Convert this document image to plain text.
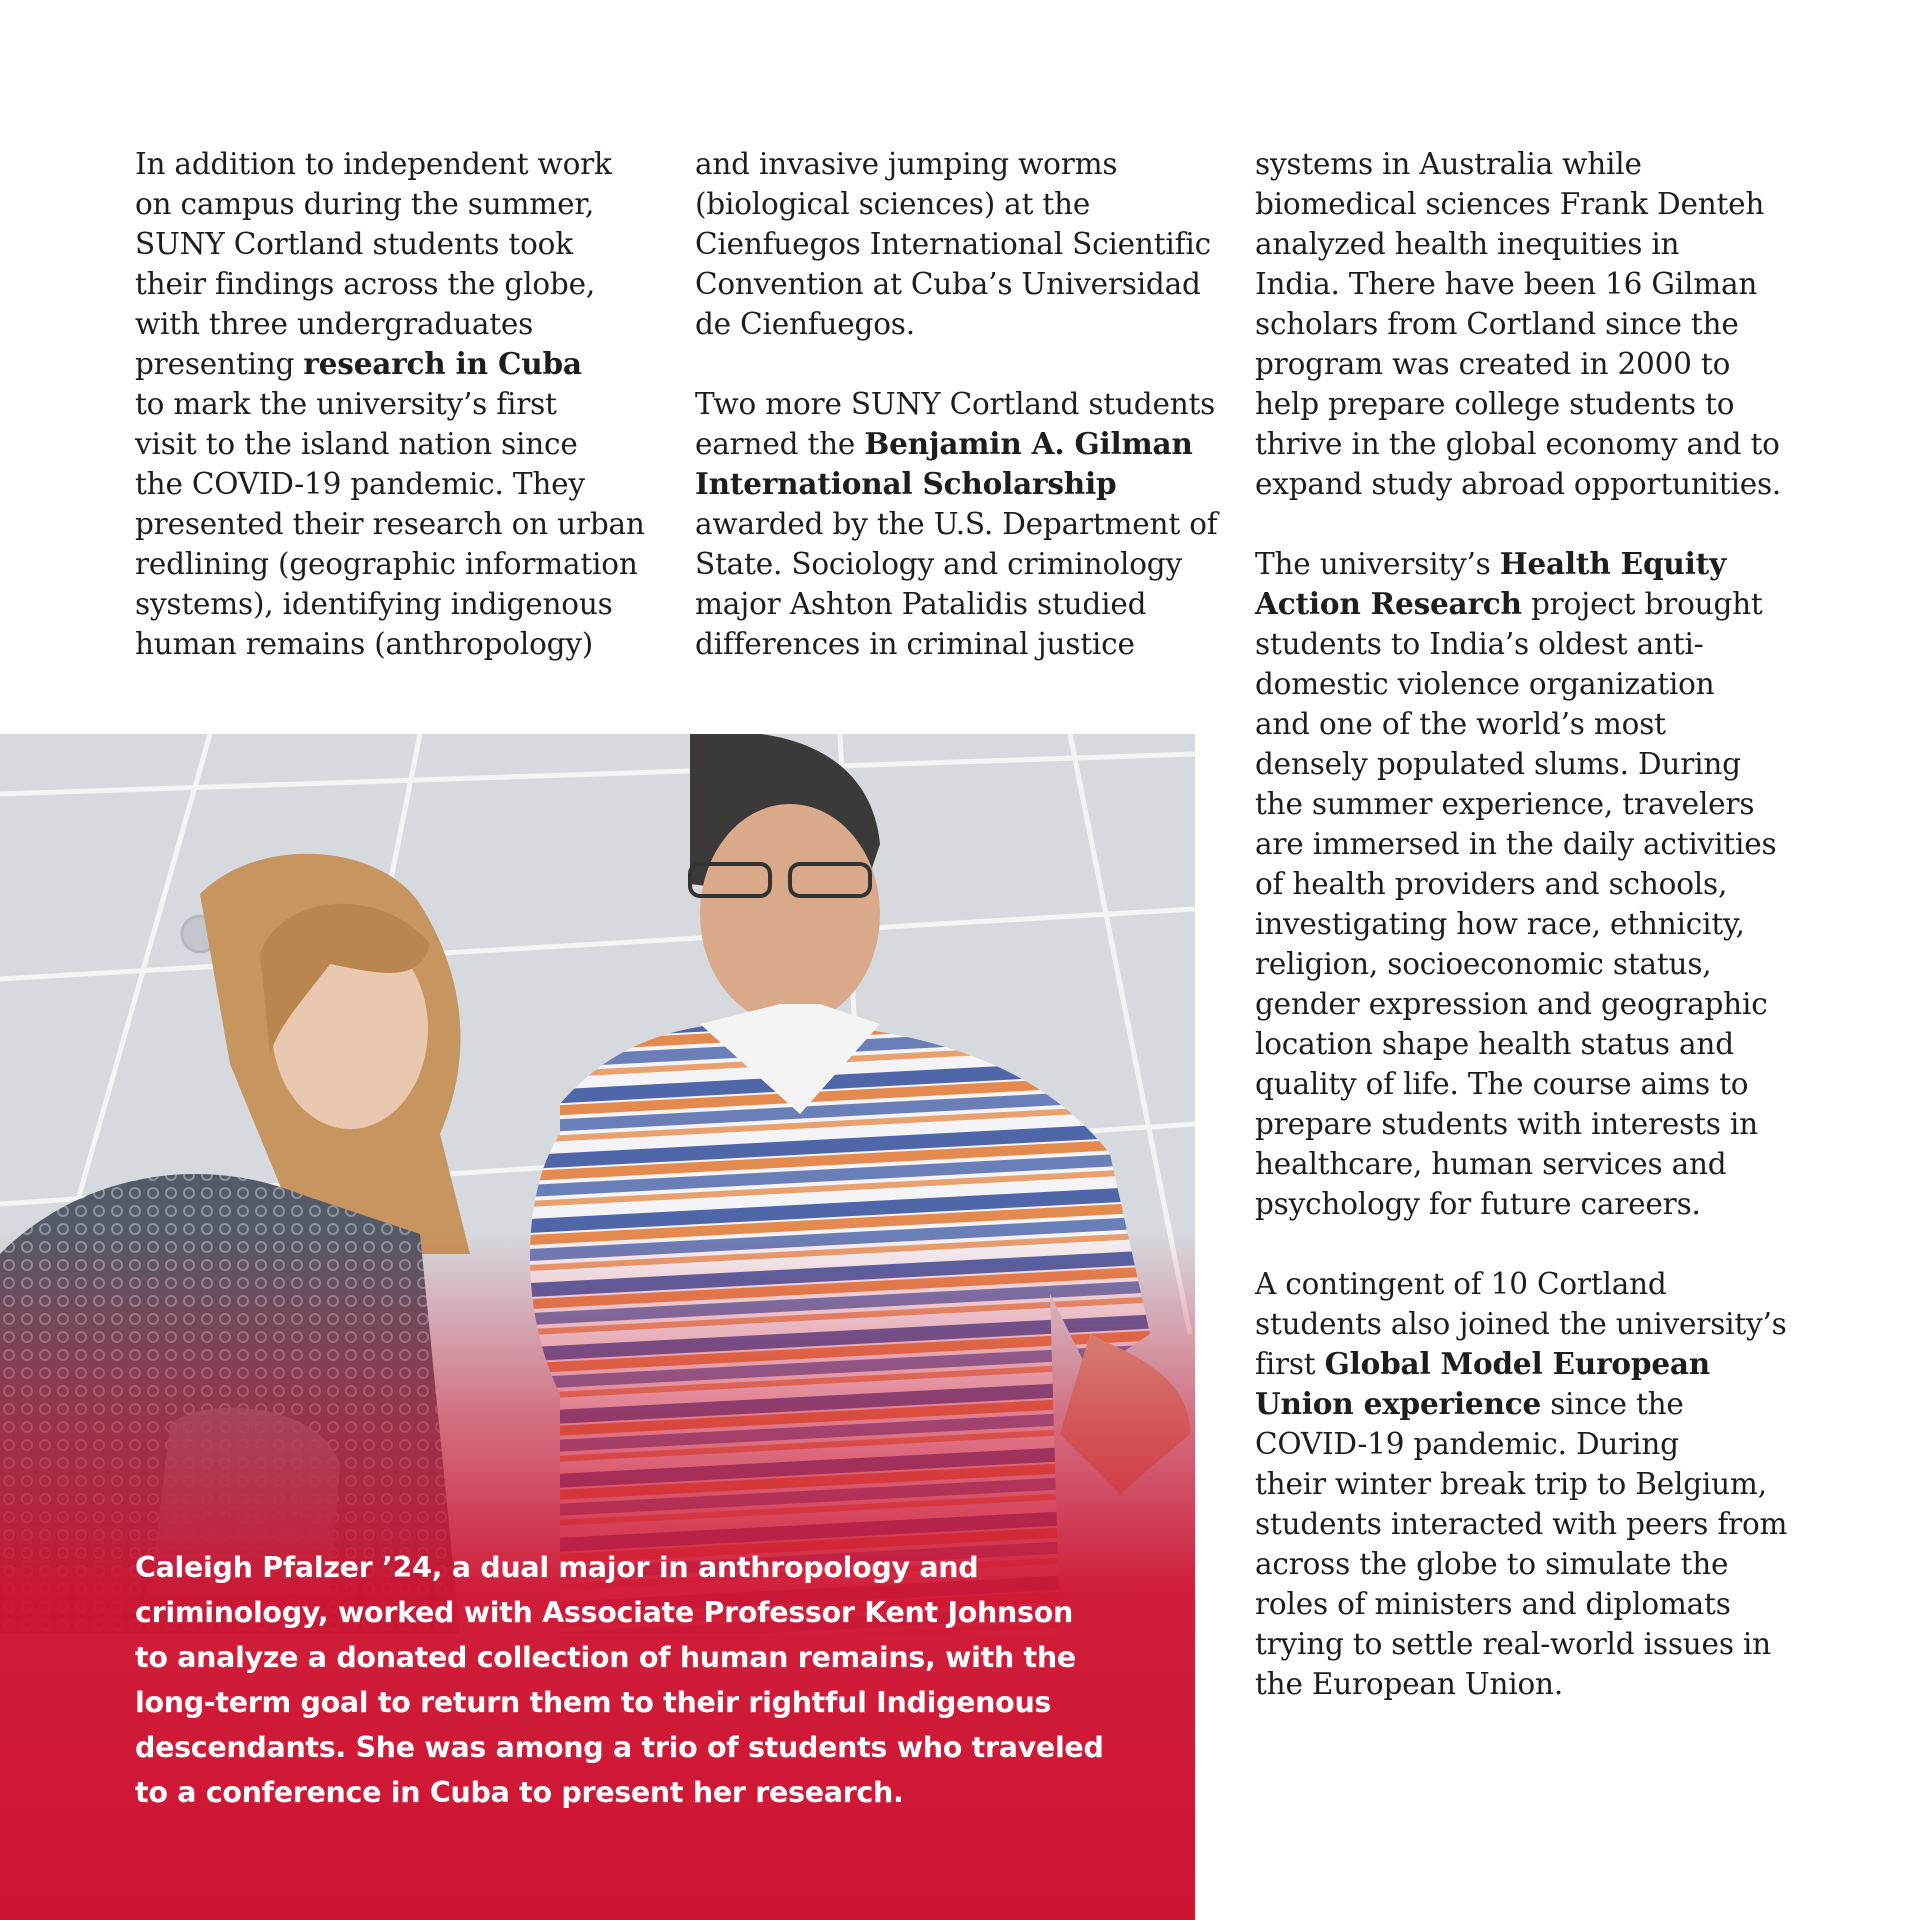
In addition to independent work
on campus during the summer,
SUNY Cortland students took
their findings across the globe,
with three undergraduates
presenting research in Cuba
to mark the university’s first
visit to the island nation since
the COVID-19 pandemic. They
presented their research on urban
redlining (geographic information
systems), identifying indigenous
human remains (anthropology)

and invasive jumping worms
(biological sciences) at the
Cienfuegos International Scientific
Convention at Cuba’s Universidad
de Cienfuegos.

Two more SUNY Cortland students
earned the Benjamin A. Gilman
International Scholarship
awarded by the U.S. Department of
State. Sociology and criminology
major Ashton Patalidis studied
differences in criminal justice

systems in Australia while
biomedical sciences Frank Denteh
analyzed health inequities in
India. There have been 16 Gilman
scholars from Cortland since the
program was created in 2000 to
help prepare college students to
thrive in the global economy and to
expand study abroad opportunities.

The university’s Health Equity
Action Research project brought
students to India’s oldest anti-
domestic violence organization
and one of the world’s most
densely populated slums. During
the summer experience, travelers
are immersed in the daily activities
of health providers and schools,
investigating how race, ethnicity,
religion, socioeconomic status,
gender expression and geographic
location shape health status and
quality of life. The course aims to
prepare students with interests in
healthcare, human services and
psychology for future careers.

A contingent of 10 Cortland
students also joined the university’s
first Global Model European
Union experience since the
COVID-19 pandemic. During
their winter break trip to Belgium,
students interacted with peers from
across the globe to simulate the
roles of ministers and diplomats
trying to settle real-world issues in
the European Union.

Caleigh Pfalzer ’24, a dual major in anthropology and
criminology, worked with Associate Professor Kent Johnson
to analyze a donated collection of human remains, with the
long-term goal to return them to their rightful Indigenous
descendants. She was among a trio of students who traveled
to a conference in Cuba to present her research.
